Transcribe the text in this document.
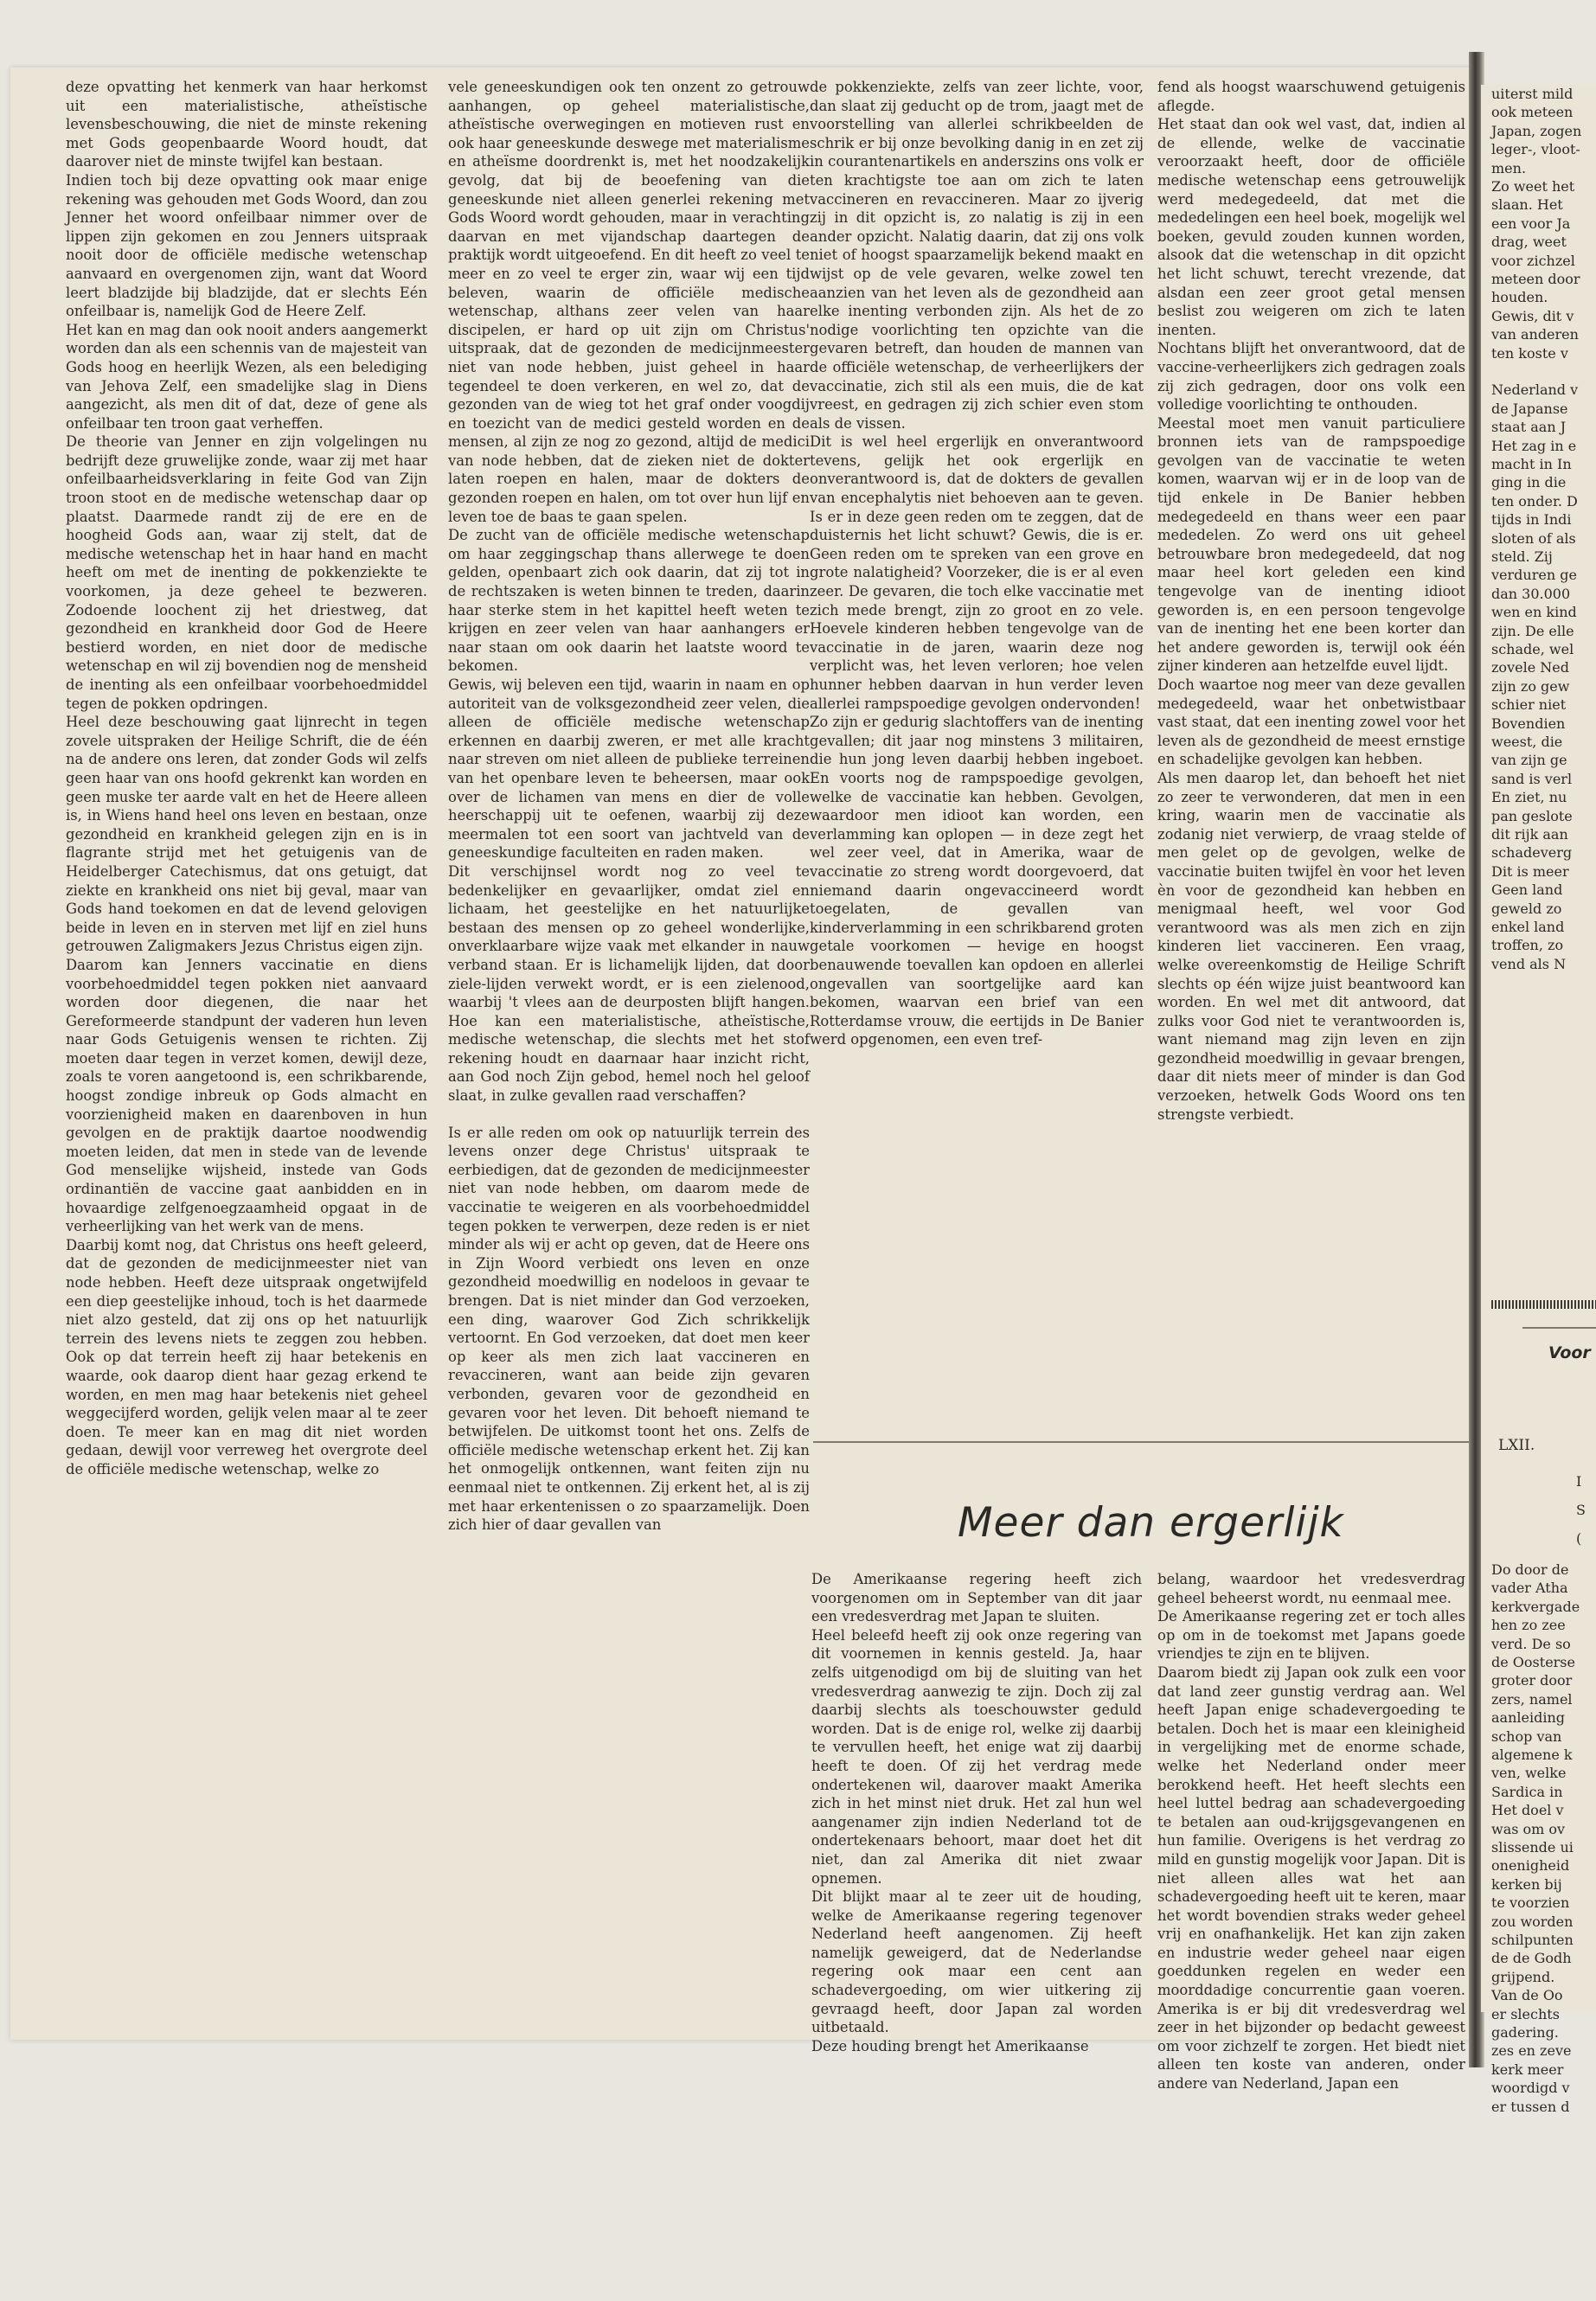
deze opvatting het kenmerk van haar herkomst uit een materialistische, atheïstische levensbeschouwing, die niet de minste rekening met Gods geopenbaarde Woord houdt, dat daarover niet de minste twijfel kan bestaan.

Indien toch bij deze opvatting ook maar enige rekening was gehouden met Gods Woord, dan zou Jenner het woord onfeilbaar nimmer over de lippen zijn gekomen en zou Jenners uitspraak nooit door de officiële medische wetenschap aanvaard en overgenomen zijn, want dat Woord leert bladzijde bij bladzijde, dat er slechts Eén onfeilbaar is, namelijk God de Heere Zelf.

Het kan en mag dan ook nooit anders aangemerkt worden dan als een schennis van de majesteit van Gods hoog en heerlijk Wezen, als een belediging van Jehova Zelf, een smadelijke slag in Diens aangezicht, als men dit of dat, deze of gene als onfeilbaar ten troon gaat verheffen.

De theorie van Jenner en zijn volgelingen nu bedrijft deze gruwelijke zonde, waar zij met haar onfeilbaarheidsverklaring in feite God van Zijn troon stoot en de medische wetenschap daar op plaatst. Daarmede randt zij de ere en de hoogheid Gods aan, waar zij stelt, dat de medische wetenschap het in haar hand en macht heeft om met de inenting de pokkenziekte te voorkomen, ja deze geheel te bezweren. Zodoende loochent zij het driestweg, dat gezondheid en krankheid door God de Heere bestierd worden, en niet door de medische wetenschap en wil zij bovendien nog de mensheid de inenting als een onfeilbaar voorbehoedmiddel tegen de pokken opdringen.

Heel deze beschouwing gaat lijnrecht in tegen zovele uitspraken der Heilige Schrift, die de één na de andere ons leren, dat zonder Gods wil zelfs geen haar van ons hoofd gekrenkt kan worden en geen muske ter aarde valt en het de Heere alleen is, in Wiens hand heel ons leven en bestaan, onze gezondheid en krankheid gelegen zijn en is in flagrante strijd met het getuigenis van de Heidelberger Catechismus, dat ons getuigt, dat ziekte en krankheid ons niet bij geval, maar van Gods hand toekomen en dat de levend gelovigen beide in leven en in sterven met lijf en ziel huns getrouwen Zaligmakers Jezus Christus eigen zijn.

Daarom kan Jenners vaccinatie en diens voorbehoedmiddel tegen pokken niet aanvaard worden door diegenen, die naar het Gereformeerde standpunt der vaderen hun leven naar Gods Getuigenis wensen te richten. Zij moeten daar tegen in verzet komen, dewijl deze, zoals te voren aangetoond is, een schrikbarende, hoogst zondige inbreuk op Gods almacht en voorzienigheid maken en daarenboven in hun gevolgen en de praktijk daartoe noodwendig moeten leiden, dat men in stede van de levende God menselijke wijsheid, instede van Gods ordinantiën de vaccine gaat aanbidden en in hovaardige zelfgenoegzaamheid opgaat in de verheerlijking van het werk van de mens.

Daarbij komt nog, dat Christus ons heeft geleerd, dat de gezonden de medicijnmeester niet van node hebben. Heeft deze uitspraak ongetwijfeld een diep geestelijke inhoud, toch is het daarmede niet alzo gesteld, dat zij ons op het natuurlijk terrein des levens niets te zeggen zou hebben. Ook op dat terrein heeft zij haar betekenis en waarde, ook daarop dient haar gezag erkend te worden, en men mag haar betekenis niet geheel weggecijferd worden, gelijk velen maar al te zeer doen. Te meer kan en mag dit niet worden gedaan, dewijl voor verreweg het overgrote deel de officiële medische wetenschap, welke zo

vele geneeskundigen ook ten onzent zo getrouw aanhangen, op geheel materialistische, atheïstische overwegingen en motieven rust en ook haar geneeskunde deswege met materialisme en atheïsme doordrenkt is, met het noodzakelijk gevolg, dat bij de beoefening van die geneeskunde niet alleen generlei rekening met Gods Woord wordt gehouden, maar in verachting daarvan en met vijandschap daartegen de praktijk wordt uitgeoefend. En dit heeft zo veel te meer en zo veel te erger zin, waar wij een tijd beleven, waarin de officiële medische wetenschap, althans zeer velen van haar discipelen, er hard op uit zijn om Christus' uitspraak, dat de gezonden de medicijnmeester niet van node hebben, juist geheel in haar tegendeel te doen verkeren, en wel zo, dat de gezonden van de wieg tot het graf onder voogdij en toezicht van de medici gesteld worden en de mensen, al zijn ze nog zo gezond, altijd de medici van node hebben, dat de zieken niet de dokter laten roepen en halen, maar de dokters de gezonden roepen en halen, om tot over hun lijf en leven toe de baas te gaan spelen.

De zucht van de officiële medische wetenschap om haar zeggingschap thans allerwege te doen gelden, openbaart zich ook daarin, dat zij tot in de rechtszaken is weten binnen te treden, daarin haar sterke stem in het kapittel heeft weten te krijgen en zeer velen van haar aanhangers er naar staan om ook daarin het laatste woord te bekomen.

Gewis, wij beleven een tijd, waarin in naam en op autoriteit van de volksgezondheid zeer velen, die alleen de officiële medische wetenschap erkennen en daarbij zweren, er met alle kracht naar streven om niet alleen de publieke terreinen van het openbare leven te beheersen, maar ook over de lichamen van mens en dier de volle heerschappij uit te oefenen, waarbij zij deze meermalen tot een soort van jachtveld van de geneeskundige faculteiten en raden maken.

Dit verschijnsel wordt nog zo veel te bedenkelijker en gevaarlijker, omdat ziel en lichaam, het geestelijke en het natuurlijke bestaan des mensen op zo geheel wonderlijke, onverklaarbare wijze vaak met elkander in nauw verband staan. Er is lichamelijk lijden, dat door ziele-lijden verwekt wordt, er is een zielenood, waarbij 't vlees aan de deurposten blijft hangen. Hoe kan een materialistische, atheïstische, medische wetenschap, die slechts met het stof rekening houdt en daarnaar haar inzicht richt, aan God noch Zijn gebod, hemel noch hel geloof slaat, in zulke gevallen raad verschaffen?

Is er alle reden om ook op natuurlijk terrein des levens onzer dege Christus' uitspraak te eerbiedigen, dat de gezonden de medicijnmeester niet van node hebben, om daarom mede de vaccinatie te weigeren en als voorbehoedmiddel tegen pokken te verwerpen, deze reden is er niet minder als wij er acht op geven, dat de Heere ons in Zijn Woord verbiedt ons leven en onze gezondheid moedwillig en nodeloos in gevaar te brengen. Dat is niet minder dan God verzoeken, een ding, waarover God Zich schrikkelijk vertoornt. En God verzoeken, dat doet men keer op keer als men zich laat vaccineren en revaccineren, want aan beide zijn gevaren verbonden, gevaren voor de gezondheid en gevaren voor het leven. Dit behoeft niemand te betwijfelen. De uitkomst toont het ons. Zelfs de officiële medische wetenschap erkent het. Zij kan het onmogelijk ontkennen, want feiten zijn nu eenmaal niet te ontkennen. Zij erkent het, al is zij met haar erkentenissen o zo spaarzamelijk. Doen zich hier of daar gevallen van

de pokkenziekte, zelfs van zeer lichte, voor, dan slaat zij geducht op de trom, jaagt met de voorstelling van allerlei schrikbeelden de schrik er bij onze bevolking danig in en zet zij in courantenartikels en anderszins ons volk er ten krachtigste toe aan om zich te laten vaccineren en revaccineren. Maar zo ijverig zij in dit opzicht is, zo nalatig is zij in een ander opzicht. Nalatig daarin, dat zij ons volk niet of hoogst spaarzamelijk bekend maakt en wijst op de vele gevaren, welke zowel ten aanzien van het leven als de gezondheid aan elke inenting verbonden zijn. Als het de zo nodige voorlichting ten opzichte van die gevaren betreft, dan houden de mannen van de officiële wetenschap, de verheerlijkers der vaccinatie, zich stil als een muis, die de kat vreest, en gedragen zij zich schier even stom als de vissen.

Dit is wel heel ergerlijk en onverantwoord tevens, gelijk het ook ergerlijk en onverantwoord is, dat de dokters de gevallen van encephalytis niet behoeven aan te geven. Is er in deze geen reden om te zeggen, dat de duisternis het licht schuwt? Gewis, die is er. Geen reden om te spreken van een grove en grote nalatigheid? Voorzeker, die is er al even zeer. De gevaren, die toch elke vaccinatie met zich mede brengt, zijn zo groot en zo vele. Hoevele kinderen hebben tengevolge van de vaccinatie in de jaren, waarin deze nog verplicht was, het leven verloren; hoe velen hunner hebben daarvan in hun verder leven allerlei rampspoedige gevolgen ondervonden!

Zo zijn er gedurig slachtoffers van de inenting gevallen; dit jaar nog minstens 3 militairen, die hun jong leven daarbij hebben ingeboet. En voorts nog de rampspoedige gevolgen, welke de vaccinatie kan hebben. Gevolgen, waardoor men idioot kan worden, een verlamming kan oplopen — in deze zegt het wel zeer veel, dat in Amerika, waar de vaccinatie zo streng wordt doorgevoerd, dat niemand daarin ongevaccineerd wordt toegelaten, de gevallen van kinderverlamming in een schrikbarend groten getale voorkomen — hevige en hoogst benauwende toevallen kan opdoen en allerlei ongevallen van soortgelijke aard kan bekomen, waarvan een brief van een Rotterdamse vrouw, die eertijds in De Banier werd opgenomen, een even tref-

fend als hoogst waarschuwend getuigenis aflegde.

Het staat dan ook wel vast, dat, indien al de ellende, welke de vaccinatie veroorzaakt heeft, door de officiële medische wetenschap eens getrouwelijk werd medegedeeld, dat met die mededelingen een heel boek, mogelijk wel boeken, gevuld zouden kunnen worden, alsook dat die wetenschap in dit opzicht het licht schuwt, terecht vrezende, dat alsdan een zeer groot getal mensen beslist zou weigeren om zich te laten inenten.

Nochtans blijft het onverantwoord, dat de vaccine-verheerlijkers zich gedragen zoals zij zich gedragen, door ons volk een volledige voorlichting te onthouden.

Meestal moet men vanuit particuliere bronnen iets van de rampspoedige gevolgen van de vaccinatie te weten komen, waarvan wij er in de loop van de tijd enkele in De Banier hebben medegedeeld en thans weer een paar mededelen. Zo werd ons uit geheel betrouwbare bron medegedeeld, dat nog maar heel kort geleden een kind tengevolge van de inenting idioot geworden is, en een persoon tengevolge van de inenting het ene been korter dan het andere geworden is, terwijl ook één zijner kinderen aan hetzelfde euvel lijdt.

Doch waartoe nog meer van deze gevallen medegedeeld, waar het onbetwistbaar vast staat, dat een inenting zowel voor het leven als de gezondheid de meest ernstige en schadelijke gevolgen kan hebben.

Als men daarop let, dan behoeft het niet zo zeer te verwonderen, dat men in een kring, waarin men de vaccinatie als zodanig niet verwierp, de vraag stelde of men gelet op de gevolgen, welke de vaccinatie buiten twijfel èn voor het leven èn voor de gezondheid kan hebben en menigmaal heeft, wel voor God verantwoord was als men zich en zijn kinderen liet vaccineren. Een vraag, welke overeenkomstig de Heilige Schrift slechts op één wijze juist beantwoord kan worden. En wel met dit antwoord, dat zulks voor God niet te verantwoorden is, want niemand mag zijn leven en zijn gezondheid moedwillig in gevaar brengen, daar dit niets meer of minder is dan God verzoeken, hetwelk Gods Woord ons ten strengste verbiedt.

Meer dan ergerlijk

De Amerikaanse regering heeft zich voorgenomen om in September van dit jaar een vredesverdrag met Japan te sluiten.

Heel beleefd heeft zij ook onze regering van dit voornemen in kennis gesteld. Ja, haar zelfs uitgenodigd om bij de sluiting van het vredesverdrag aanwezig te zijn. Doch zij zal daarbij slechts als toeschouwster geduld worden. Dat is de enige rol, welke zij daarbij te vervullen heeft, het enige wat zij daarbij heeft te doen. Of zij het verdrag mede ondertekenen wil, daarover maakt Amerika zich in het minst niet druk. Het zal hun wel aangenamer zijn indien Nederland tot de ondertekenaars behoort, maar doet het dit niet, dan zal Amerika dit niet zwaar opnemen.

Dit blijkt maar al te zeer uit de houding, welke de Amerikaanse regering tegenover Nederland heeft aangenomen. Zij heeft namelijk geweigerd, dat de Nederlandse regering ook maar een cent aan schadevergoeding, om wier uitkering zij gevraagd heeft, door Japan zal worden uitbetaald.

Deze houding brengt het Amerikaanse

belang, waardoor het vredesverdrag geheel beheerst wordt, nu eenmaal mee.

De Amerikaanse regering zet er toch alles op om in de toekomst met Japans goede vriendjes te zijn en te blijven.

Daarom biedt zij Japan ook zulk een voor dat land zeer gunstig verdrag aan. Wel heeft Japan enige schadevergoeding te betalen. Doch het is maar een kleinigheid in vergelijking met de enorme schade, welke het Nederland onder meer berokkend heeft. Het heeft slechts een heel luttel bedrag aan schadevergoeding te betalen aan oud-krijgsgevangenen en hun familie. Overigens is het verdrag zo mild en gunstig mogelijk voor Japan. Dit is niet alleen alles wat het aan schadevergoeding heeft uit te keren, maar het wordt bovendien straks weder geheel vrij en onafhankelijk. Het kan zijn zaken en industrie weder geheel naar eigen goeddunken regelen en weder een moorddadige concurrentie gaan voeren. Amerika is er bij dit vredesverdrag wel zeer in het bijzonder op bedacht geweest om voor zichzelf te zorgen. Het biedt niet alleen ten koste van anderen, onder andere van Nederland, Japan een

uiterst mild
ook meteen
Japan, zogen
leger-, vloot-
men.
Zo weet het
slaan. Het
een voor Ja
drag, weet
voor zichzel
meteen door
houden.
Gewis, dit v
van anderen
ten koste v
Nederland v
de Japanse
staat aan J
Het zag in e
macht in In
ging in die
ten onder. D
tijds in Indi
sloten of als
steld. Zij
verduren ge
dan 30.000
wen en kind
zijn. De elle
schade, wel
zovele Ned
zijn zo gew
schier niet
Bovendien
weest, die
van zijn ge
sand is verl
En ziet, nu
pan geslote
dit rijk aan
schadeverg
Dit is meer
Geen land
geweld zo
enkel land
troffen, zo
vend als N
Voor
LXII.
I
S
(
Do door de
vader Atha
kerkvergade
hen zo zee
verd. De so
de Oosterse
groter door
zers, namel
aanleiding
schop van
algemene k
ven, welke
Sardica in
Het doel v
was om ov
slissende ui
onenigheid
kerken bij
te voorzien
zou worden
schilpunten
de de Godh
grijpend.
Van de Oo
er slechts
gadering.
zes en zeve
kerk meer
woordigd v
er tussen d
